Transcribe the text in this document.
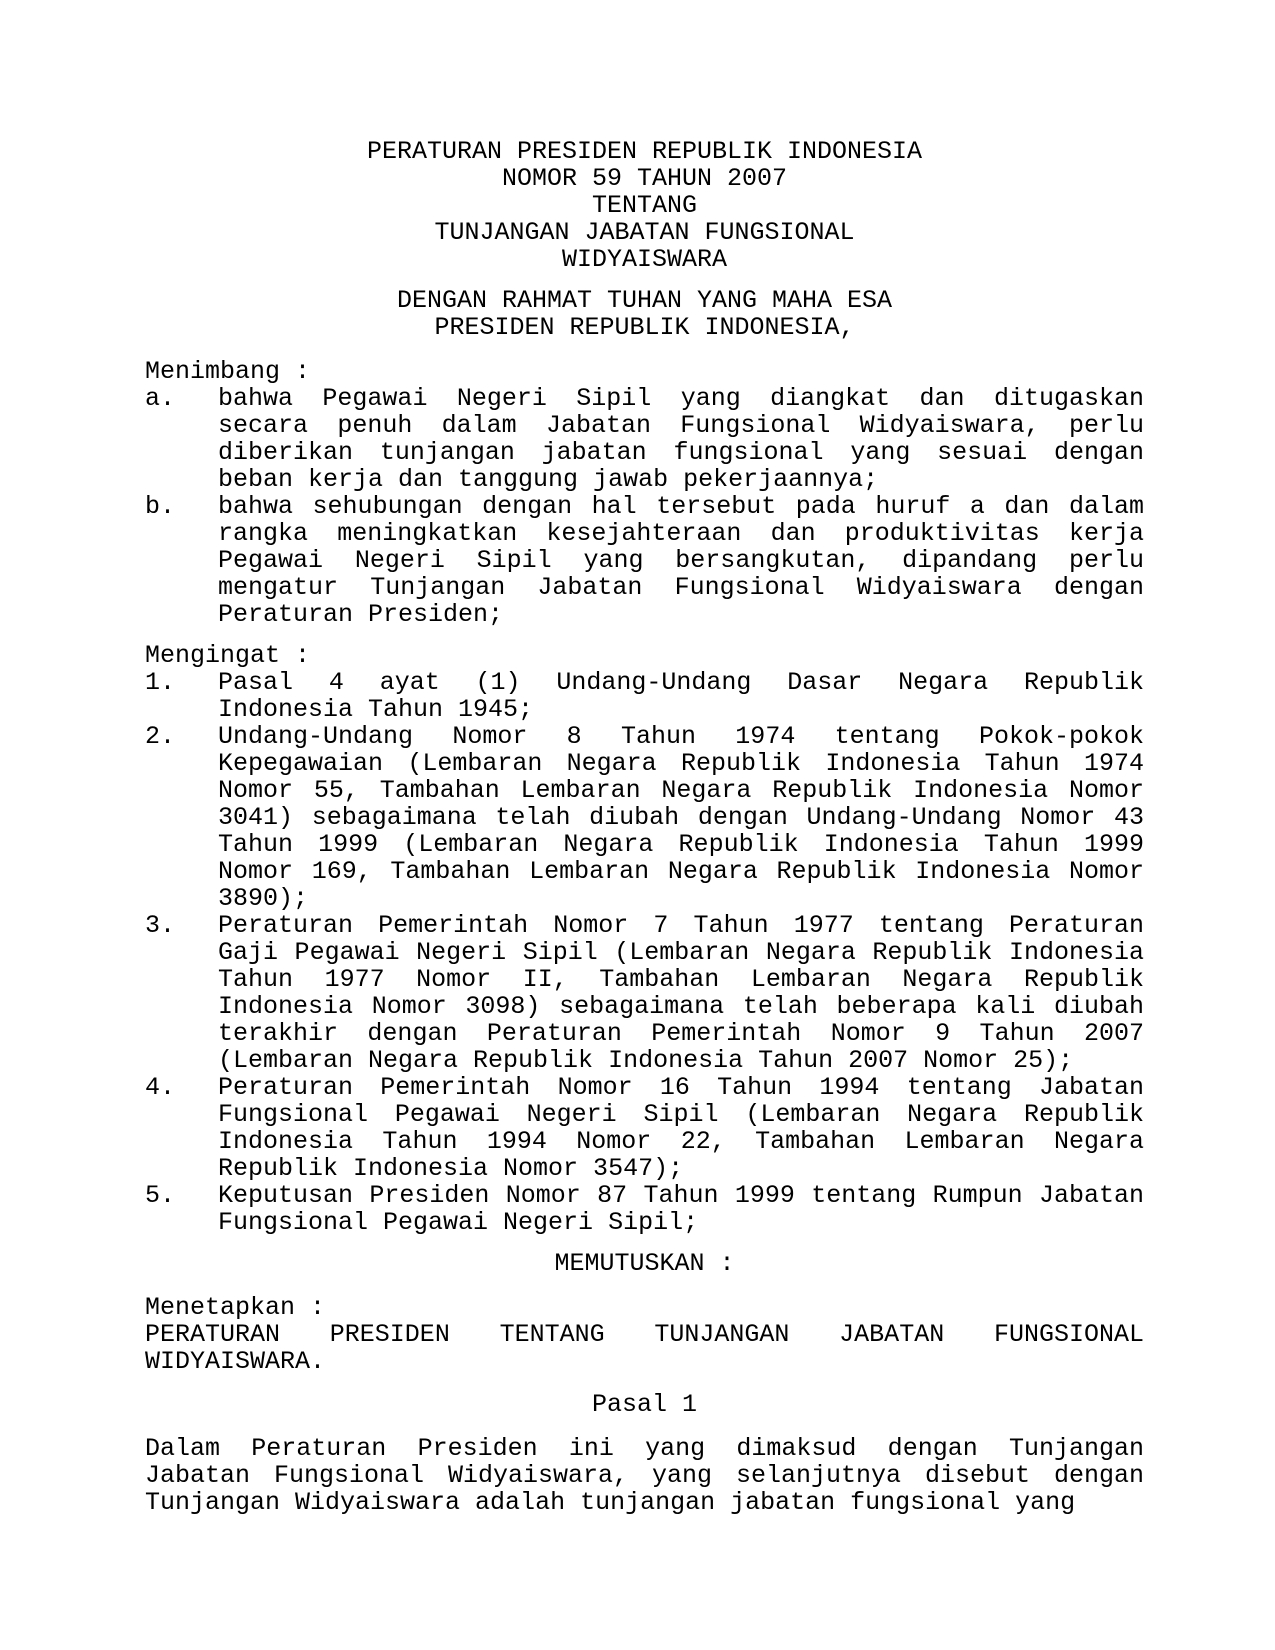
PERATURAN PRESIDEN REPUBLIK INDONESIA
NOMOR 59 TAHUN 2007
TENTANG
TUNJANGAN JABATAN FUNGSIONAL
WIDYAISWARA
DENGAN RAHMAT TUHAN YANG MAHA ESA
PRESIDEN REPUBLIK INDONESIA,
Menimbang :
a.	bahwa Pegawai Negeri Sipil yang diangkat dan ditugaskan secara penuh dalam Jabatan Fungsional Widyaiswara, perlu diberikan tunjangan jabatan fungsional yang sesuai dengan beban kerja dan tanggung jawab pekerjaannya;
b.	bahwa sehubungan dengan hal tersebut pada huruf a dan dalam rangka meningkatkan kesejahteraan dan produktivitas kerja Pegawai Negeri Sipil yang bersangkutan, dipandang perlu mengatur Tunjangan Jabatan Fungsional Widyaiswara dengan Peraturan Presiden;
Mengingat :
1.	Pasal 4 ayat (1) Undang-Undang Dasar Negara Republik Indonesia Tahun 1945;
2.	Undang-Undang Nomor 8 Tahun 1974 tentang Pokok-pokok Kepegawaian (Lembaran Negara Republik Indonesia Tahun 1974 Nomor 55, Tambahan Lembaran Negara Republik Indonesia Nomor 3041) sebagaimana telah diubah dengan Undang-Undang Nomor 43 Tahun 1999 (Lembaran Negara Republik Indonesia Tahun 1999 Nomor 169, Tambahan Lembaran Negara Republik Indonesia Nomor 3890);
3.	Peraturan Pemerintah Nomor 7 Tahun 1977 tentang Peraturan Gaji Pegawai Negeri Sipil (Lembaran Negara Republik Indonesia Tahun 1977 Nomor II, Tambahan Lembaran Negara Republik Indonesia Nomor 3098) sebagaimana telah beberapa kali diubah terakhir dengan Peraturan Pemerintah Nomor 9 Tahun 2007 (Lembaran Negara Republik Indonesia Tahun 2007 Nomor 25);
4.	Peraturan Pemerintah Nomor 16 Tahun 1994 tentang Jabatan Fungsional Pegawai Negeri Sipil (Lembaran Negara Republik Indonesia Tahun 1994 Nomor 22, Tambahan Lembaran Negara Republik Indonesia Nomor 3547);
5.	Keputusan Presiden Nomor 87 Tahun 1999 tentang Rumpun Jabatan Fungsional Pegawai Negeri Sipil;
MEMUTUSKAN :
Menetapkan :

PERATURAN PRESIDEN TENTANG TUNJANGAN JABATAN FUNGSIONAL WIDYAISWARA.

Pasal 1

Dalam Peraturan Presiden ini yang dimaksud dengan Tunjangan Jabatan Fungsional Widyaiswara, yang selanjutnya disebut dengan Tunjangan Widyaiswara adalah tunjangan jabatan fungsional yang
